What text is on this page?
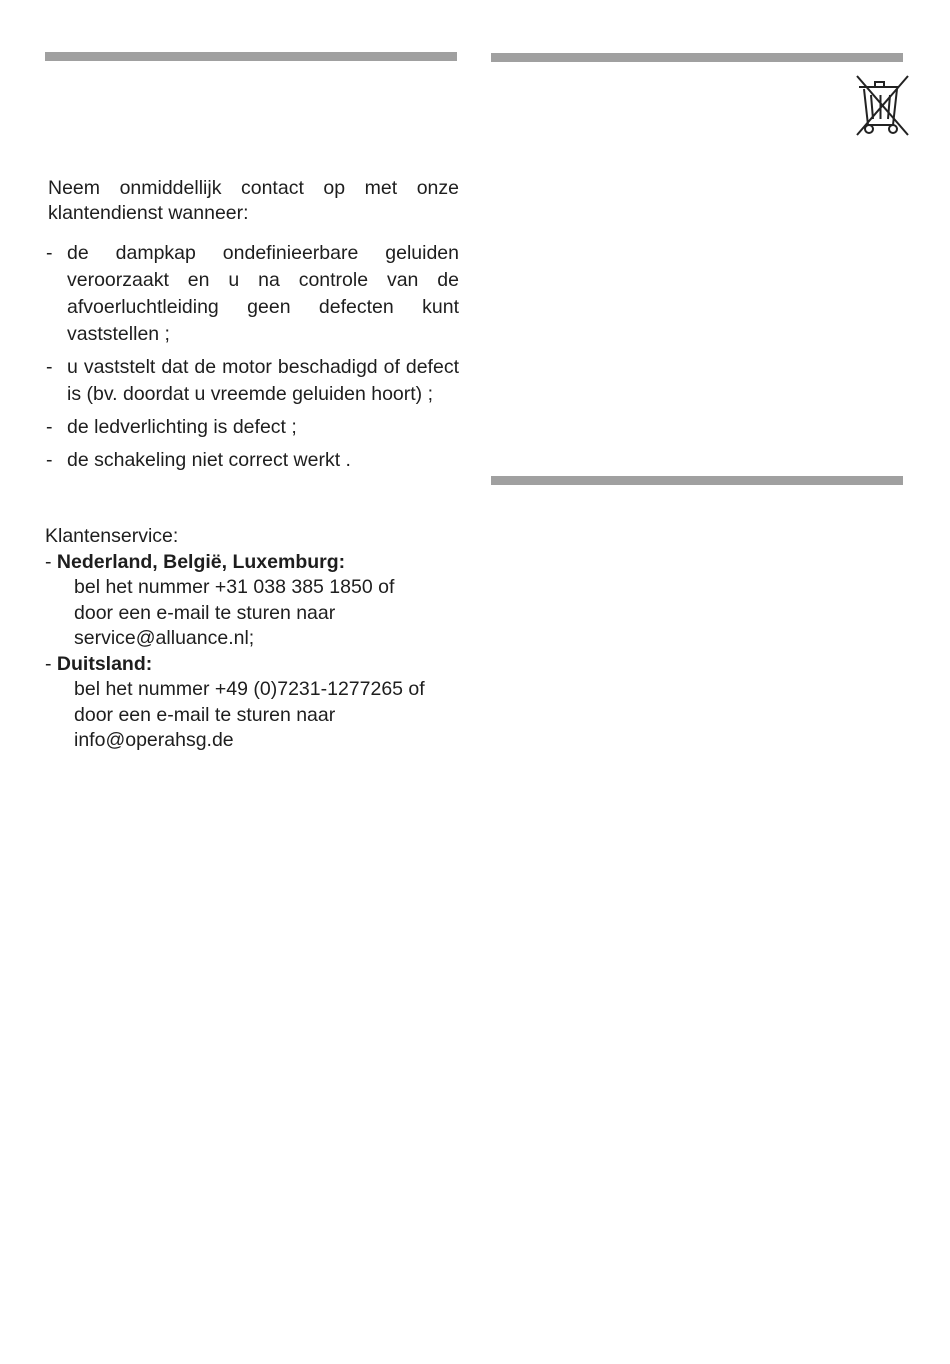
Neem onmiddellijk contact op met onze klantendienst wanneer:

- de dampkap ondefinieerbare geluiden veroorzaakt en u na controle van de afvoerluchtleiding geen defecten kunt vaststellen ;
- u vaststelt dat de motor beschadigd of defect is (bv. doordat u vreemde geluiden hoort) ;
- de ledverlichting is defect ;
- de schakeling niet correct werkt .
Klantenservice:
- Nederland, België, Luxemburg:
bel het nummer +31 038 385 1850 of
door een e-mail te sturen naar
service@alluance.nl;
- Duitsland:
bel het nummer +49 (0)7231-1277265 of
door een e-mail te sturen naar
info@operahsg.de
